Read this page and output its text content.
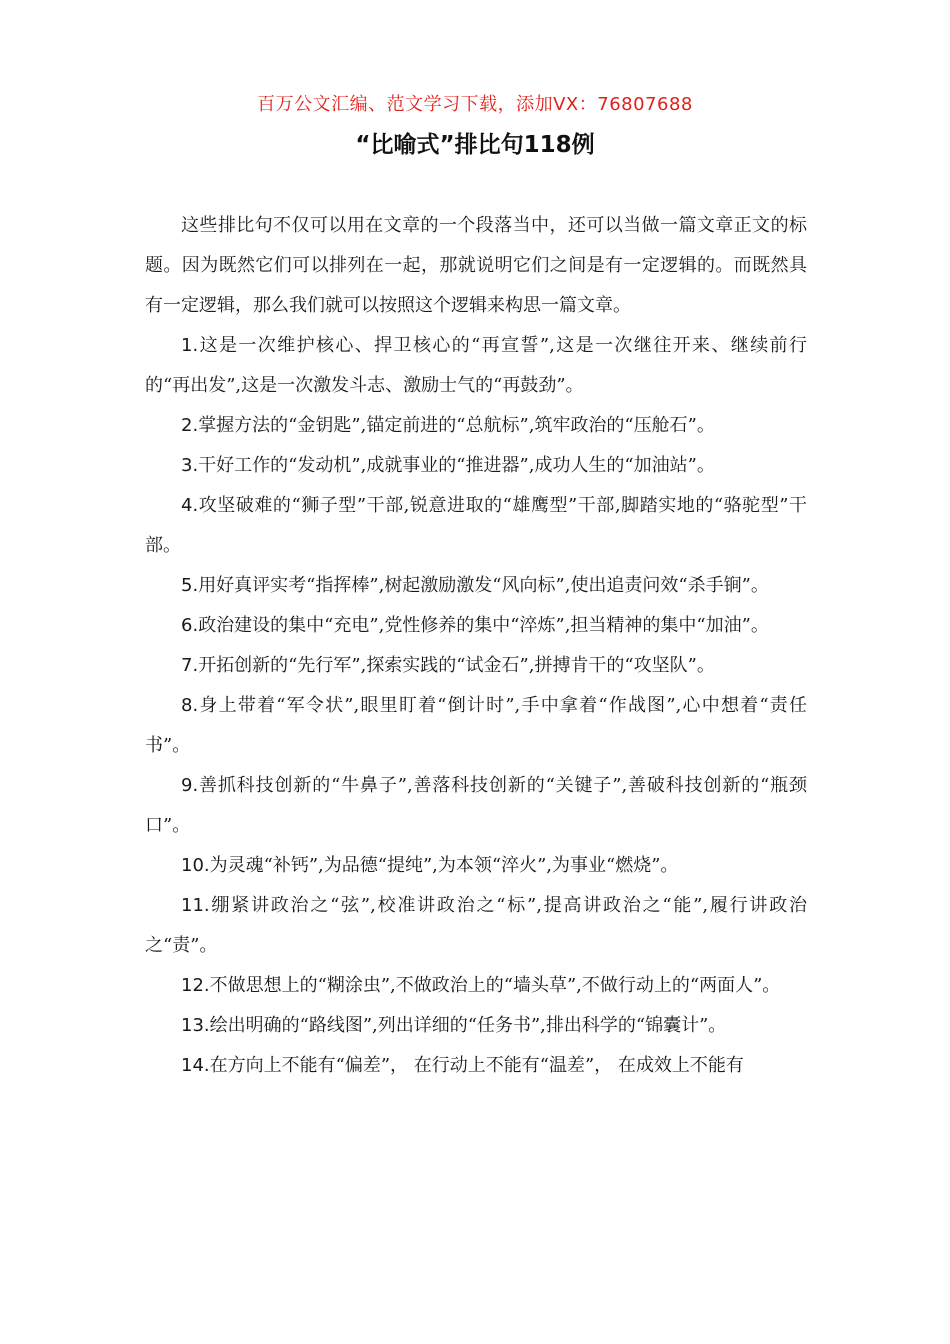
百万公文汇编、范文学习下载，添加VX：76807688
“比喻式”排比句118例

这些排比句不仅可以用在文章的一个段落当中，还可以当做一篇文章正文的标题。因为既然它们可以排列在一起，那就说明它们之间是有一定逻辑的。而既然具有一定逻辑，那么我们就可以按照这个逻辑来构思一篇文章。

1.这是一次维护核心、捍卫核心的“再宣誓”,这是一次继往开来、继续前行的“再出发”,这是一次激发斗志、激励士气的“再鼓劲”。

2.掌握方法的“金钥匙”,锚定前进的“总航标”,筑牢政治的“压舱石”。

3.干好工作的“发动机”,成就事业的“推进器”,成功人生的“加油站”。

4.攻坚破难的“狮子型”干部,锐意进取的“雄鹰型”干部,脚踏实地的“骆驼型”干部。

5.用好真评实考“指挥棒”,树起激励激发“风向标”,使出追责问效“杀手锏”。

6.政治建设的集中“充电”,党性修养的集中“淬炼”,担当精神的集中“加油”。

7.开拓创新的“先行军”,探索实践的“试金石”,拼搏肯干的“攻坚队”。

8.身上带着“军令状”,眼里盯着“倒计时”,手中拿着“作战图”,心中想着“责任书”。

9.善抓科技创新的“牛鼻子”,善落科技创新的“关键子”,善破科技创新的“瓶颈口”。

10.为灵魂“补钙”,为品德“提纯”,为本领“淬火”,为事业“燃烧”。

11.绷紧讲政治之“弦”,校准讲政治之“标”,提高讲政治之“能”,履行讲政治之“责”。

12.不做思想上的“糊涂虫”,不做政治上的“墙头草”,不做行动上的“两面人”。

13.绘出明确的“路线图”,列出详细的“任务书”,排出科学的“锦囊计”。

14.在方向上不能有“偏差”， 在行动上不能有“温差”， 在成效上不能有
